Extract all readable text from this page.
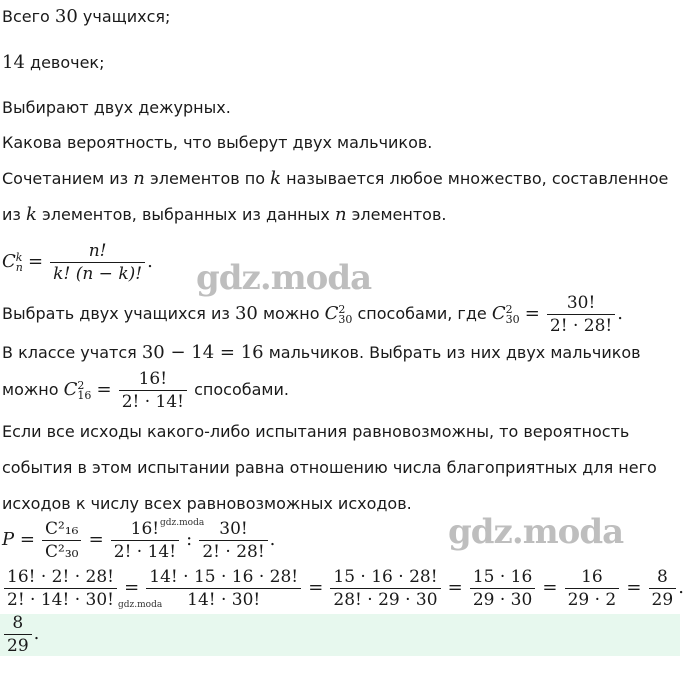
Всего 30 учащихся;
14 девочек;
Выбирают двух дежурных.
Какова вероятность, что выберут двух мальчиков.
Сочетанием из n элементов по k называется любое множество, составленное
из k элементов, выбранных из данных n элементов.
C k
$n = \frac{n!}{k! (n - k)!}$ .
Выбрать двух учащихся из 30 можно C 2
30 способами, где C 2
$30 = \frac{30!}{2! \cdot 28!}$ .
В классе учатся 30 − 14 = 16 мальчиков. Выбрать из них двух мальчиков
можно C 2
$16 = \frac{16!}{2! \cdot 14!}$ способами.
Если все исходы какого-либо испытания равновозможны, то вероятность
события в этом испытании равна отношению числа благоприятных для него
исходов к числу всех равновозможных исходов.
$P = \frac{\text{C²₁₆}}{\text{C²₃₀}} = \frac{16!}{2! \cdot 14!}$ : $\frac{30!}{2! \cdot 28!}$ .
$\frac{16! \cdot 2! \cdot 28!}{2! \cdot 14! \cdot 30!} = \frac{14! \cdot 15 \cdot 16 \cdot 28!}{14! \cdot 30!} = \frac{15 \cdot 16 \cdot 28!}{28! \cdot 29 \cdot 30} = \frac{15 \cdot 16}{29 \cdot 30} = \frac{16}{29 \cdot 2} = \frac{8}{29}$ .
$\frac{8}{29}$ .
gdz.moda
gdz.moda
gdz.moda
gdz.moda
